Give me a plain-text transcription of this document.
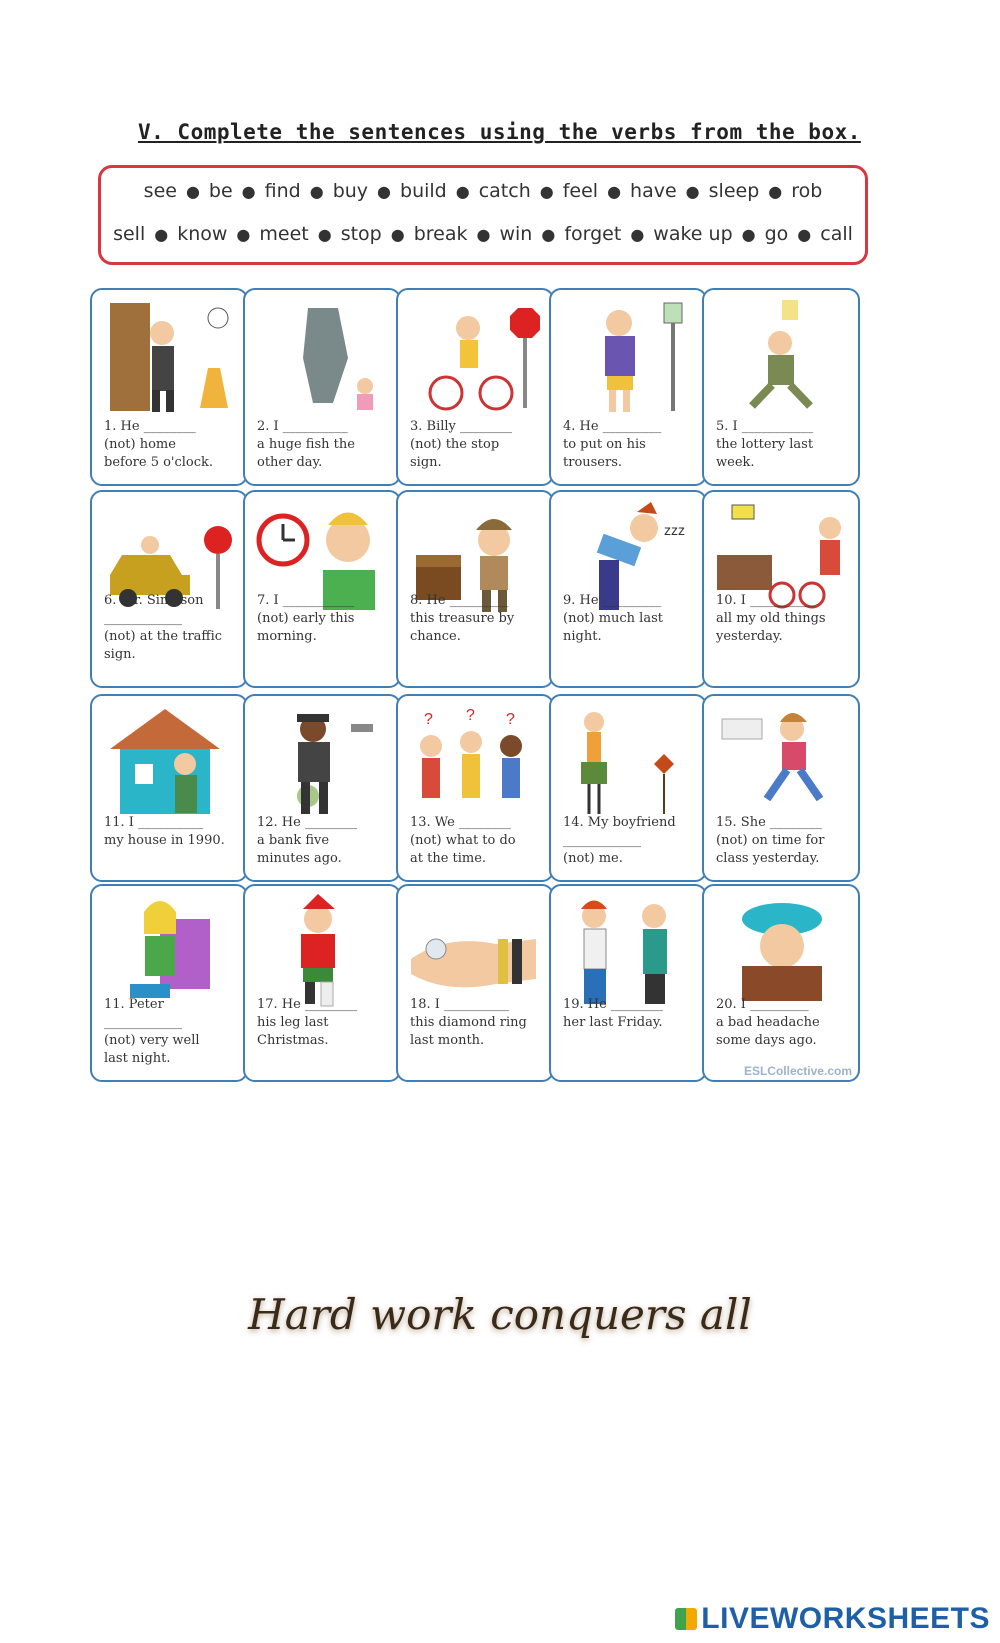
V. Complete the sentences using the verbs from the box.
see ● be ● find ● buy ● build ● catch ● feel ● have ● sleep ● rob
sell ● know ● meet ● stop ● break ● win ● forget ● wake up ● go ● call
1. He ________
(not) home
before 5 o'clock.
2. I __________
a huge fish the
other day.
3. Billy ________
(not) the stop
sign.
4. He _________
to put on his
trousers.
5. I ___________
the lottery last
week.
6. Mr. Simpson
____________
(not) at the traffic
sign.
7. I ___________
(not) early this
morning.
8. He _________
this treasure by
chance.
zzz
9. He _________
(not) much last
night.
10. I __________
all my old things
yesterday.
11. I __________
my house in 1990.
12. He ________
a bank five
minutes ago.
? ? ?
13. We ________
(not) what to do
at the time.
14. My boyfriend
____________
(not) me.
15. She ________
(not) on time for
class yesterday.
11. Peter
____________
(not) very well
last night.
17. He ________
his leg last
Christmas.
18. I __________
this diamond ring
last month.
19. He ________
her last Friday.
20. I _________
a bad headache
some days ago.
ESLCollective.com
Hard work conquers all
LIVEWORKSHEETS
